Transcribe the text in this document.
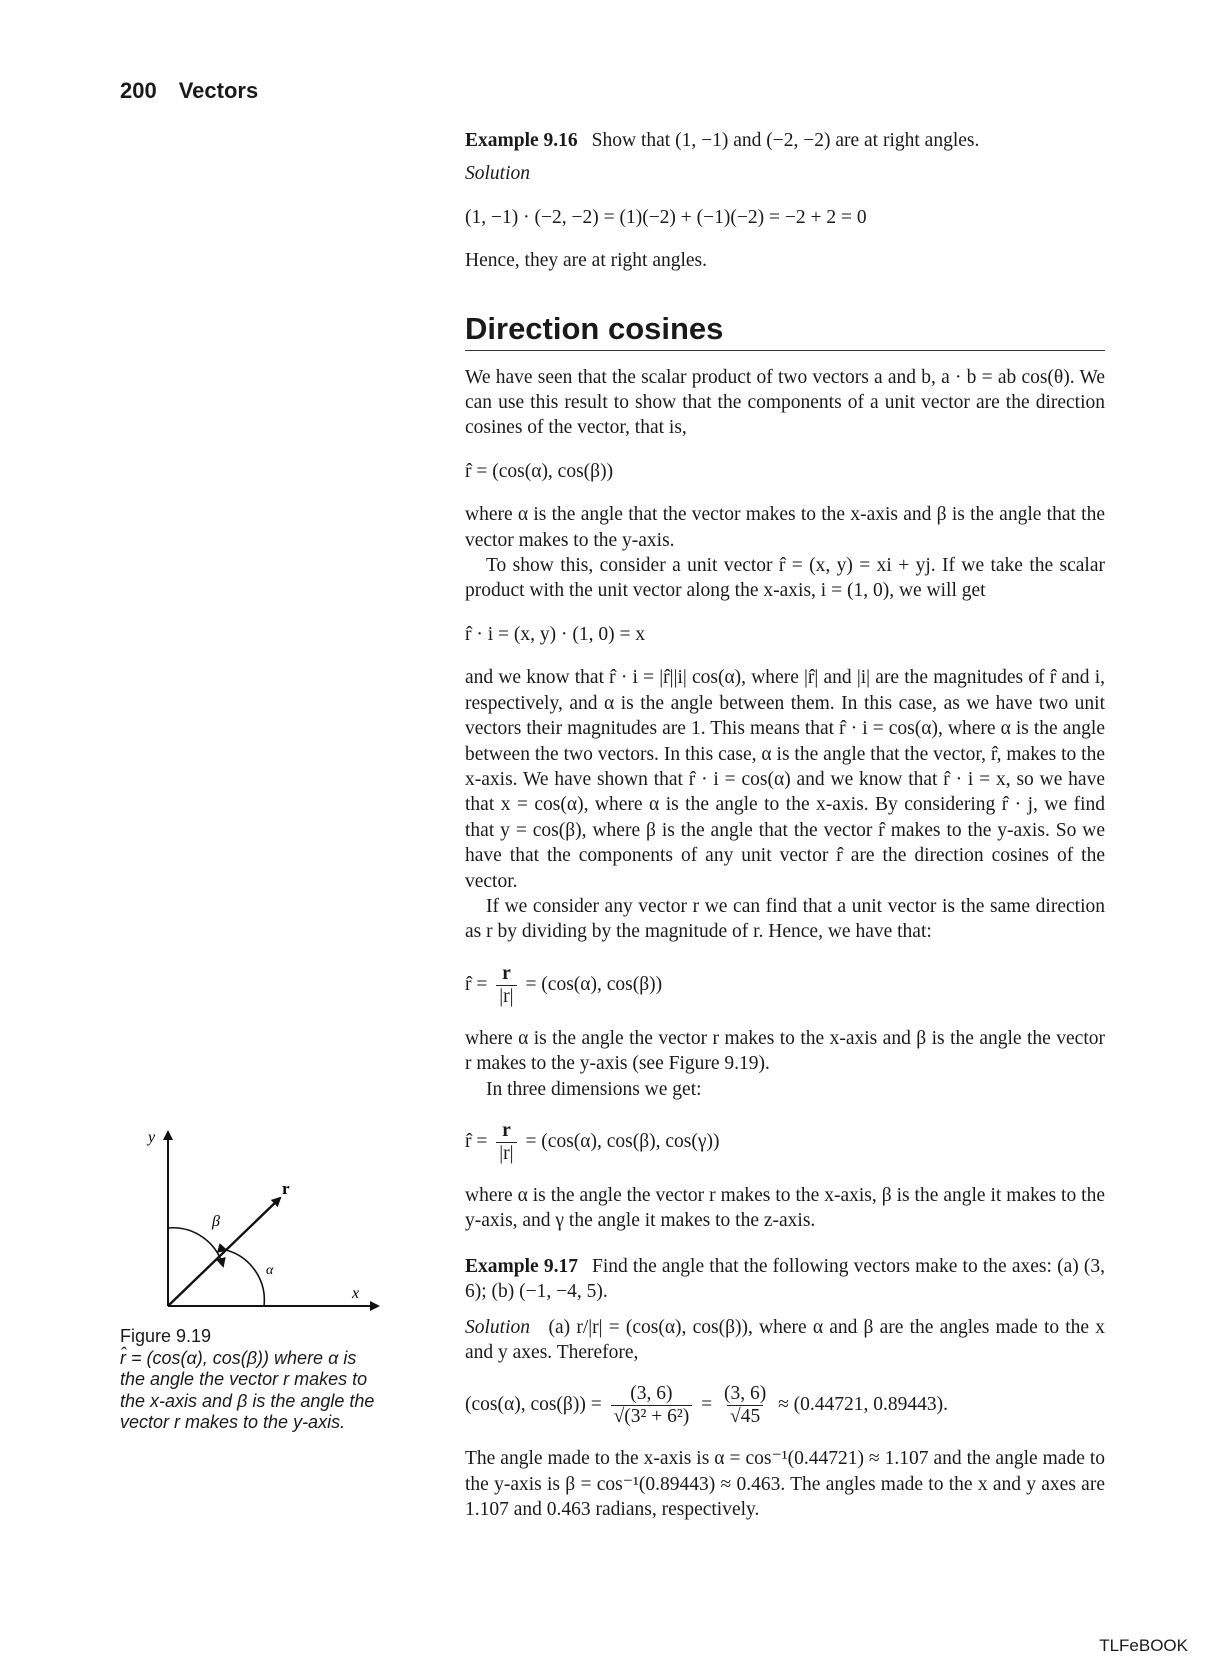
200 Vectors

Example 9.16 Show that (1, −1) and (−2, −2) are at right angles.

Solution

(1, −1) · (−2, −2) = (1)(−2) + (−1)(−2) = −2 + 2 = 0

Hence, they are at right angles.

Direction cosines

We have seen that the scalar product of two vectors a and b, a · b = ab cos(θ). We can use this result to show that the components of a unit vector are the direction cosines of the vector, that is,

r̂ = (cos(α), cos(β))

where α is the angle that the vector makes to the x-axis and β is the angle that the vector makes to the y-axis.

To show this, consider a unit vector r̂ = (x, y) = xi + yj. If we take the scalar product with the unit vector along the x-axis, i = (1, 0), we will get

r̂ · i = (x, y) · (1, 0) = x

and we know that r̂ · i = |r̂||i| cos(α), where |r̂| and |i| are the magnitudes of r̂ and i, respectively, and α is the angle between them. In this case, as we have two unit vectors their magnitudes are 1. This means that r̂ · i = cos(α), where α is the angle between the two vectors. In this case, α is the angle that the vector, r̂, makes to the x-axis. We have shown that r̂ · i = cos(α) and we know that r̂ · i = x, so we have that x = cos(α), where α is the angle to the x-axis. By considering r̂ · j, we find that y = cos(β), where β is the angle that the vector r̂ makes to the y-axis. So we have that the components of any unit vector r̂ are the direction cosines of the vector.

If we consider any vector r we can find that a unit vector is the same direction as r by dividing by the magnitude of r. Hence, we have that:

r̂ = $\frac{r}{|r|} = (\cos(\alpha)$, cos(β))

where α is the angle the vector r makes to the x-axis and β is the angle the vector r makes to the y-axis (see Figure 9.19).

In three dimensions we get:

r̂ = $\frac{r}{|r|} = (\cos(\alpha)$, cos(β), cos(γ))

where α is the angle the vector r makes to the x-axis, β is the angle it makes to the y-axis, and γ the angle it makes to the z-axis.

Example 9.17 Find the angle that the following vectors make to the axes: (a) (3, 6); (b) (−1, −4, 5).

Solution (a) r/|r| = (cos(α), cos(β)), where α and β are the angles made to the x and y axes. Therefore,

(cos(α), $\cos(\beta)) = \frac{(3, 6)}{\text{√(3² + 6²)}} = \frac{(3, 6)}{√45} \approx (0.44721$, 0.89443).

The angle made to the x-axis is α = cos⁻¹(0.44721) ≈ 1.107 and the angle made to the y-axis is β = cos⁻¹(0.89443) ≈ 0.463. The angles made to the x and y axes are 1.107 and 0.463 radians, respectively.

y
x
r
α
β
Figure 9.19
r̂ = (cos(α), cos(β)) where α is the angle the vector r makes to the x-axis and β is the angle the vector r makes to the y-axis.
TLFeBOOK
